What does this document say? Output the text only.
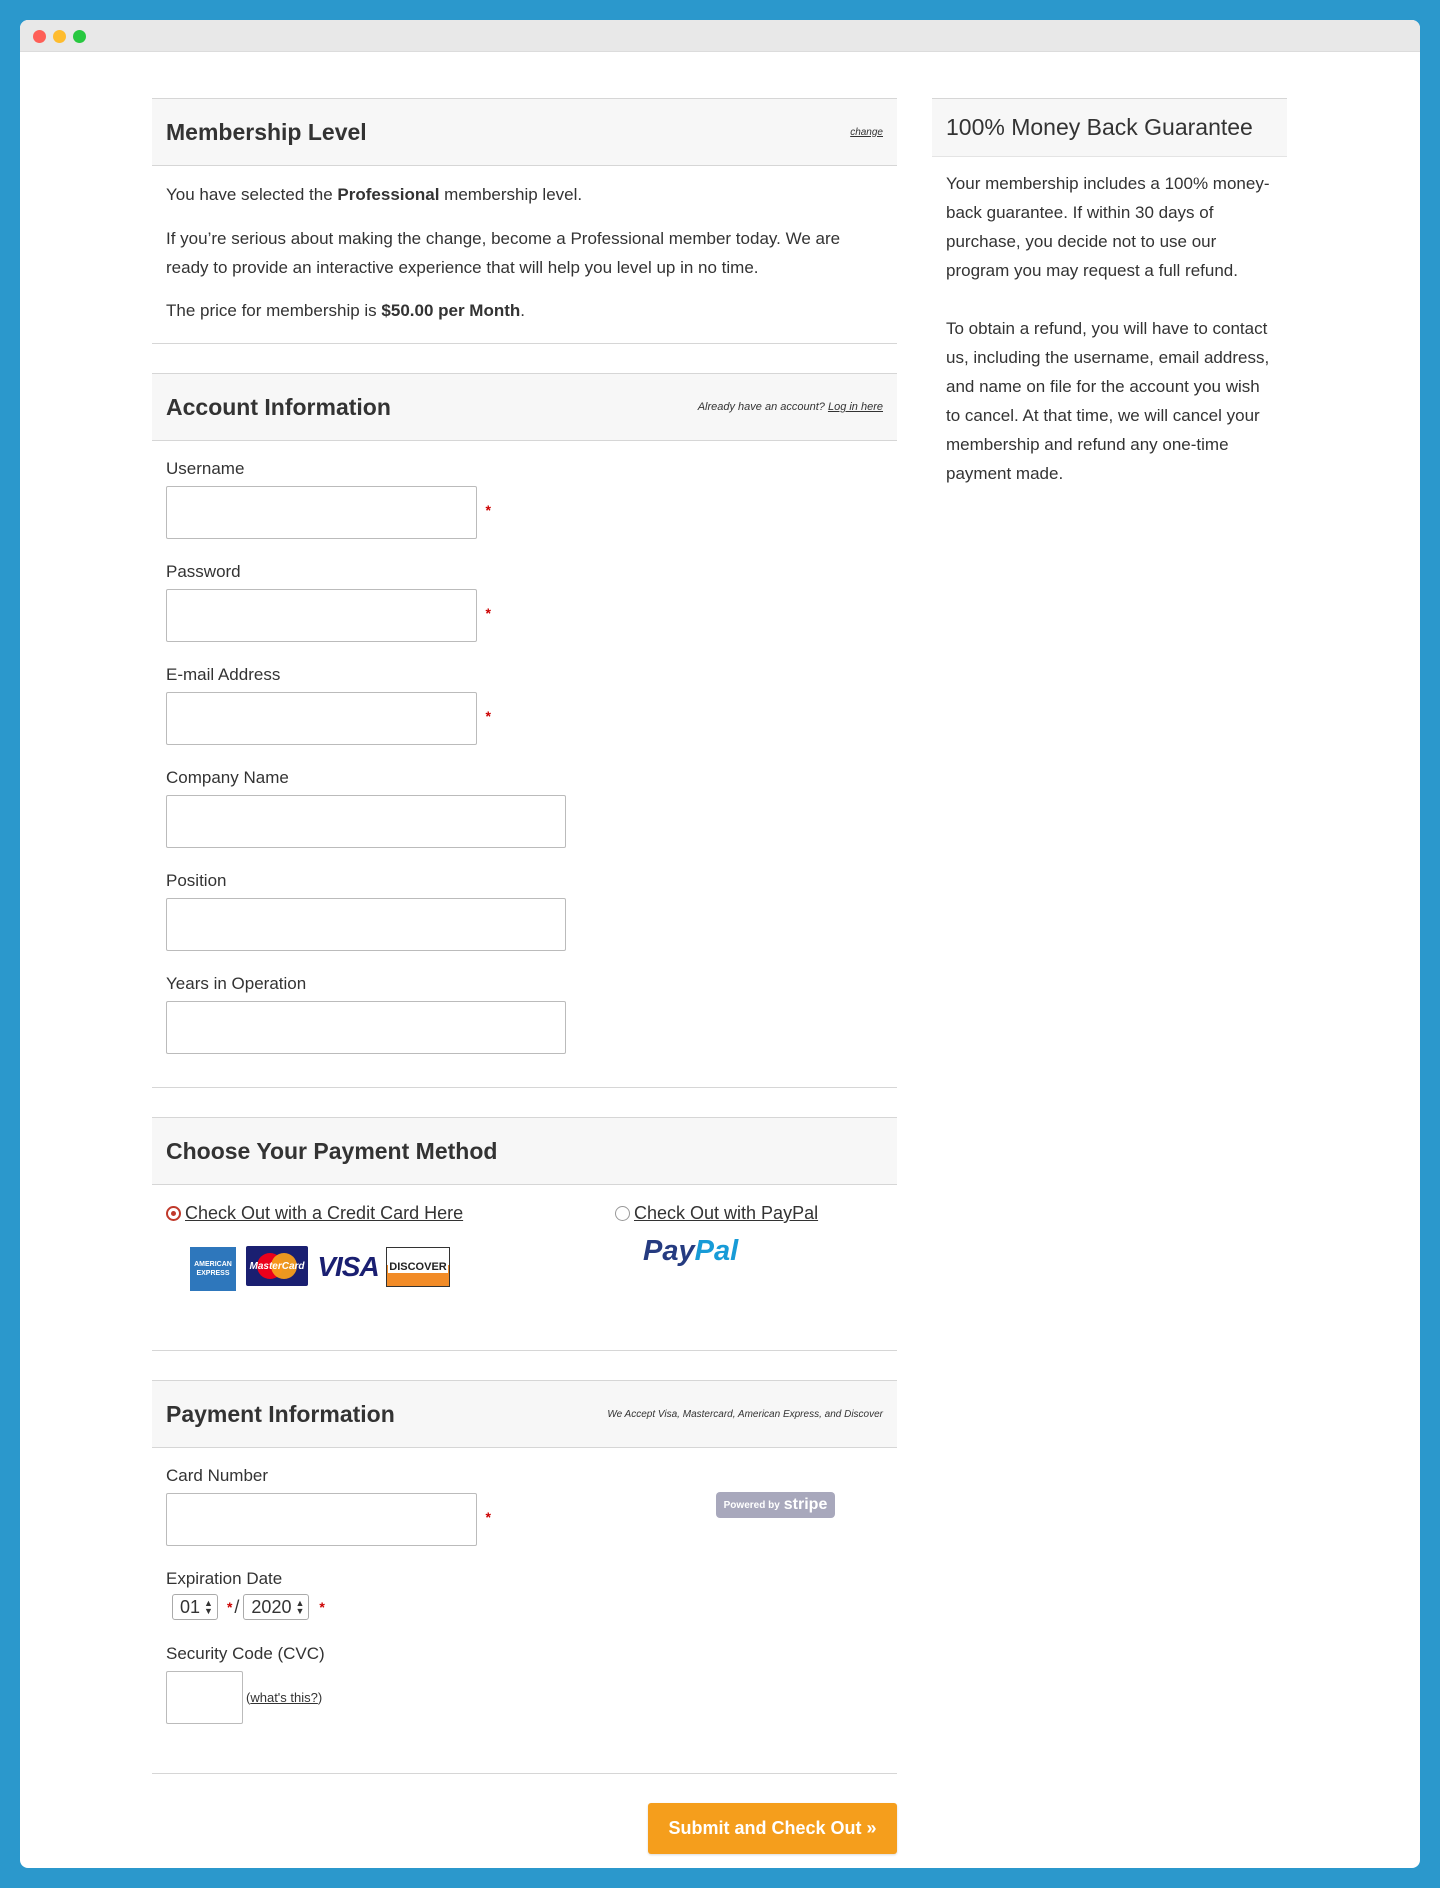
Membership Level	change

You have selected the Professional membership level.

If you’re serious about making the change, become a Professional member today. We are ready to provide an interactive experience that will help you level up in no time.

The price for membership is $50.00 per Month.

Account Information	Already have an account? Log in here
Username
*
Password
*
E-mail Address
*
Company Name
Position
Years in Operation
Choose Your Payment Method
Check Out with a Credit Card Here	Check Out with PayPal
AMERICAN EXPRESS
MasterCard VISA DISCOVER	PayPal
Payment Information	We Accept Visa, Mastercard, American Express, and Discover
Card Number
*
Powered by stripe
Expiration Date
01 ▲
▼ * / 2020 ▲
▼ *
Security Code (CVC)
(what's this?)
Submit and Check Out »
100% Money Back Guarantee

Your membership includes a 100% money-back guarantee. If within 30 days of purchase, you decide not to use our program you may request a full refund.

To obtain a refund, you will have to contact us, including the username, email address, and name on file for the account you wish to cancel. At that time, we will cancel your membership and refund any one-time payment made.
